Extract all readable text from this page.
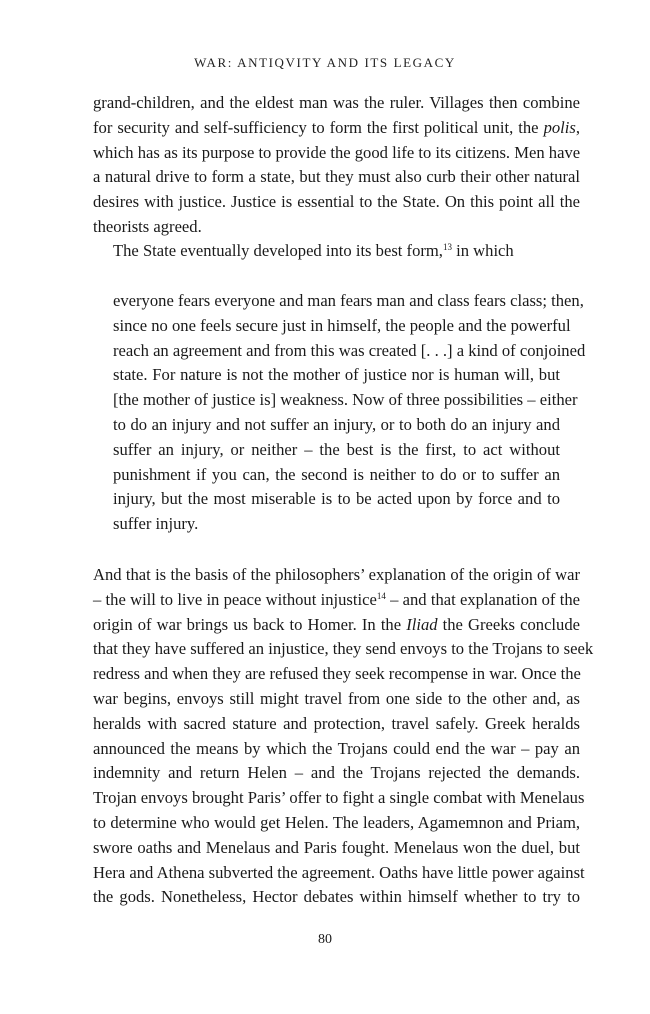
WAR: ANTIQVITY AND ITS LEGACY
grand-children, and the eldest man was the ruler. Villages then combine
for security and self-sufficiency to form the first political unit, the polis,
which has as its purpose to provide the good life to its citizens. Men have
a natural drive to form a state, but they must also curb their other natural
desires with justice. Justice is essential to the State. On this point all the
theorists agreed.
The State eventually developed into its best form,$^{13}$ in which
everyone fears everyone and man fears man and class fears class; then,
since no one feels secure just in himself, the people and the powerful
reach an agreement and from this was created [. . .] a kind of conjoined
state. For nature is not the mother of justice nor is human will, but
[the mother of justice is] weakness. Now of three possibilities – either
to do an injury and not suffer an injury, or to both do an injury and
suffer an injury, or neither – the best is the first, to act without
punishment if you can, the second is neither to do or to suffer an
injury, but the most miserable is to be acted upon by force and to
suffer injury.
And that is the basis of the philosophers’ explanation of the origin of war
– the will to live in peace without injustice$^{14}$ – and that explanation of the
origin of war brings us back to Homer. In the Iliad the Greeks conclude
that they have suffered an injustice, they send envoys to the Trojans to seek
redress and when they are refused they seek recompense in war. Once the
war begins, envoys still might travel from one side to the other and, as
heralds with sacred stature and protection, travel safely. Greek heralds
announced the means by which the Trojans could end the war – pay an
indemnity and return Helen – and the Trojans rejected the demands.
Trojan envoys brought Paris’ offer to fight a single combat with Menelaus
to determine who would get Helen. The leaders, Agamemnon and Priam,
swore oaths and Menelaus and Paris fought. Menelaus won the duel, but
Hera and Athena subverted the agreement. Oaths have little power against
the gods. Nonetheless, Hector debates within himself whether to try to
80
